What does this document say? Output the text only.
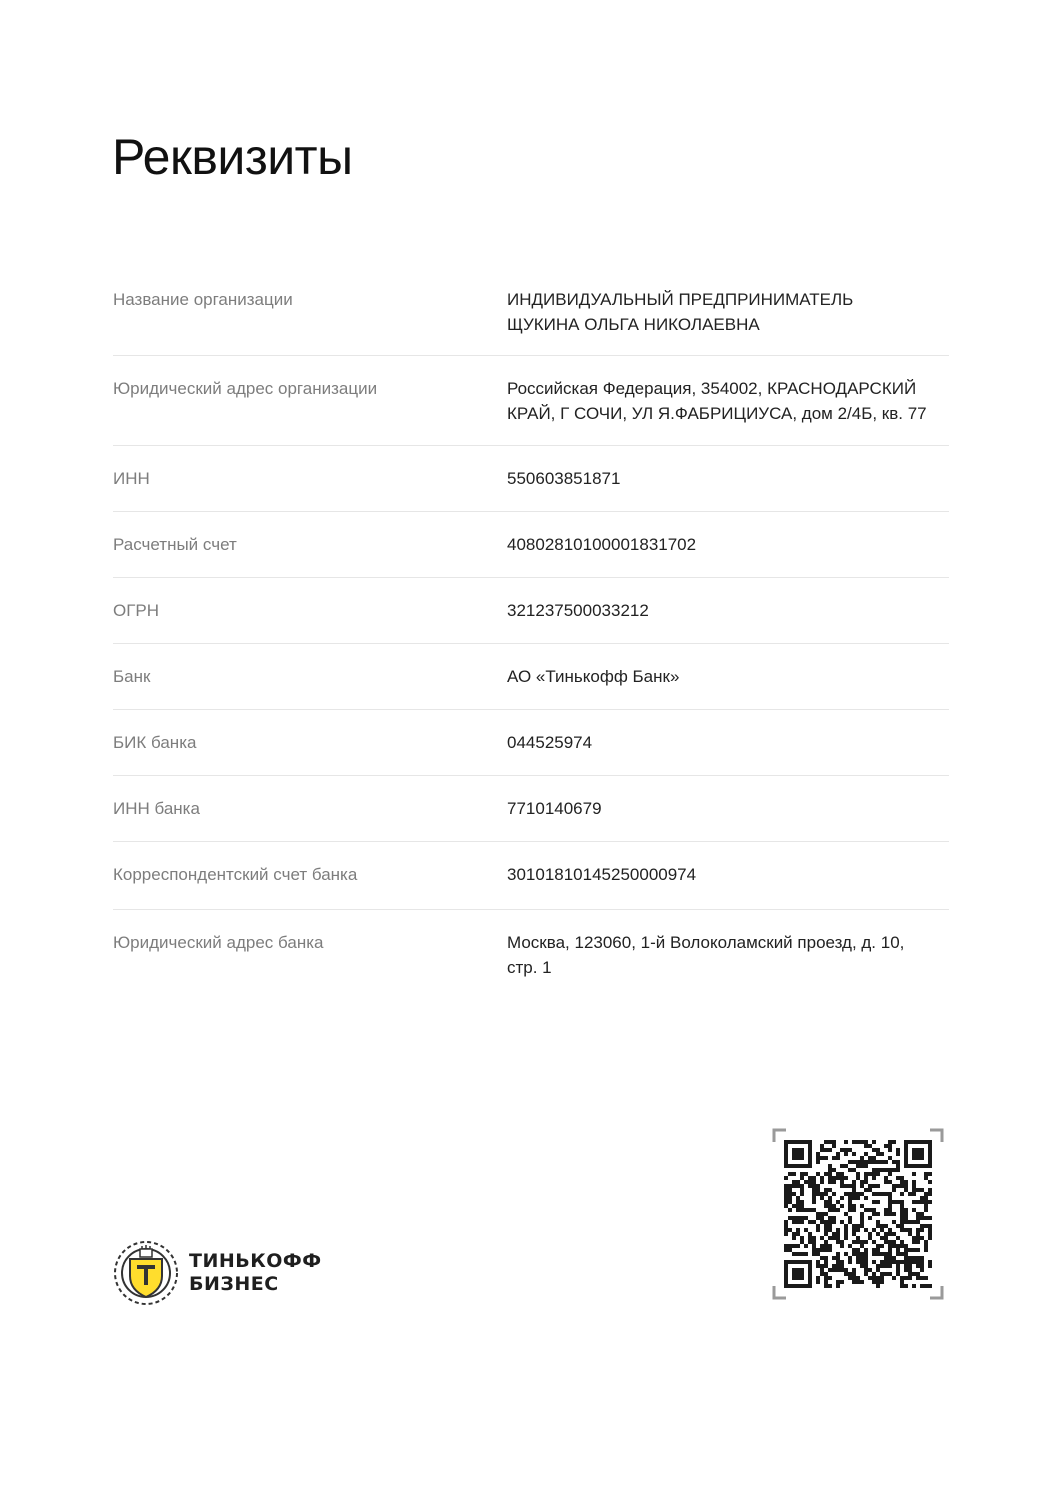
Реквизиты
Название организации	ИНДИВИДУАЛЬНЫЙ ПРЕДПРИНИМАТЕЛЬ
ЩУКИНА ОЛЬГА НИКОЛАЕВНА
Юридический адрес организации	Российская Федерация, 354002, КРАСНОДАРСКИЙ
КРАЙ, Г СОЧИ, УЛ Я.ФАБРИЦИУСА, дом 2/4Б, кв. 77
ИНН	550603851871
Расчетный счет	40802810100001831702
ОГРН	321237500033212
Банк	АО «Тинькофф Банк»
БИК банка	044525974
ИНН банка	7710140679
Корреспондентский счет банка	30101810145250000974
Юридический адрес банка	Москва, 123060, 1-й Волоколамский проезд, д. 10,
стр. 1
ТИНЬКОФФ
БИЗНЕС
